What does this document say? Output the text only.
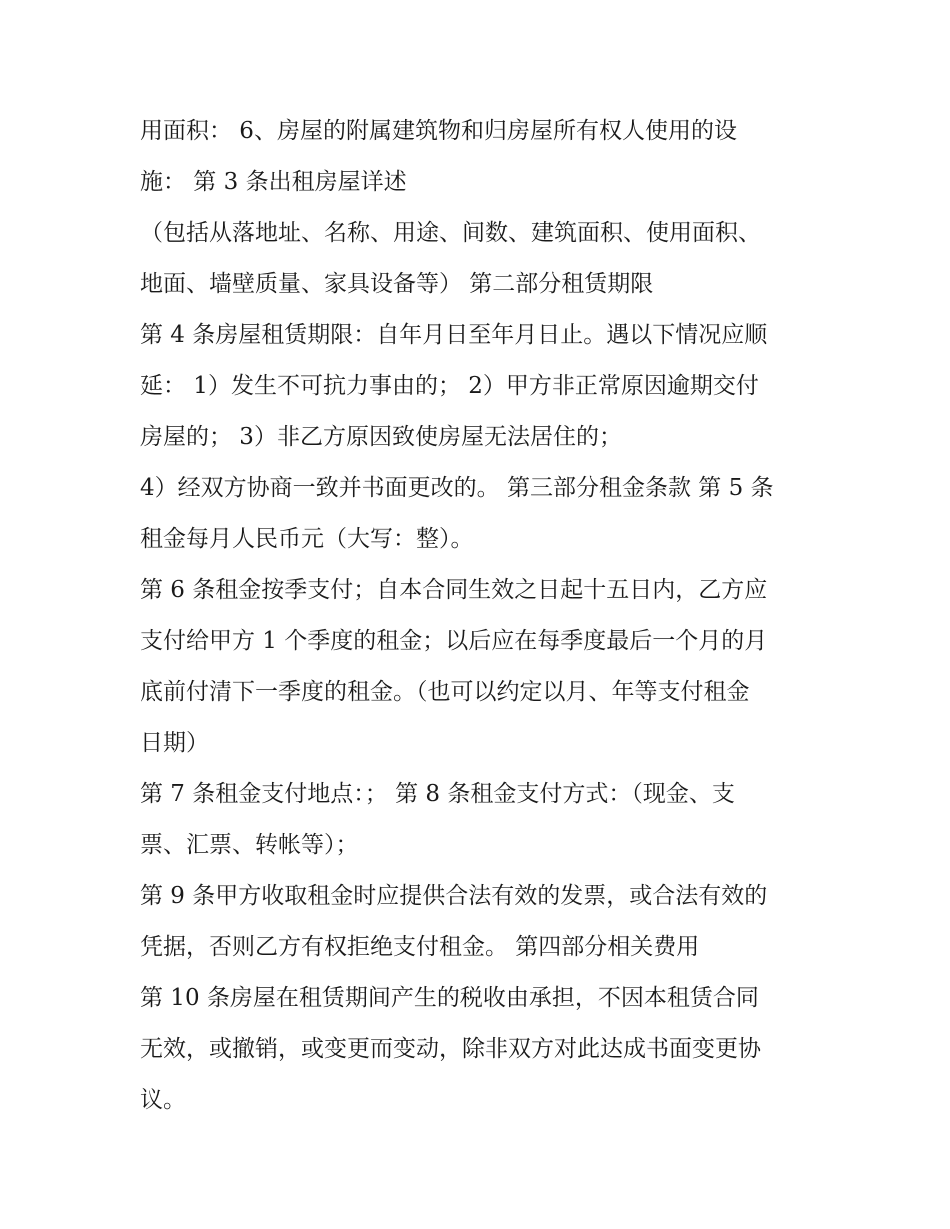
用面积： 6、房屋的附属建筑物和归房屋所有权人使用的设
施： 第 3 条出租房屋详述
（包括从落地址、名称、用途、间数、建筑面积、使用面积、
地面、墙壁质量、家具设备等） 第二部分租赁期限
第 4 条房屋租赁期限：自年月日至年月日止。遇以下情况应顺
延： 1）发生不可抗力事由的； 2）甲方非正常原因逾期交付
房屋的； 3）非乙方原因致使房屋无法居住的；
4）经双方协商一致并书面更改的。 第三部分租金条款 第 5 条
租金每月人民币元（大写：整）。
第 6 条租金按季支付；自本合同生效之日起十五日内，乙方应
支付给甲方 1 个季度的租金；以后应在每季度最后一个月的月
底前付清下一季度的租金。（也可以约定以月、年等支付租金
日期）
第 7 条租金支付地点：； 第 8 条租金支付方式：（现金、支
票、汇票、转帐等）；
第 9 条甲方收取租金时应提供合法有效的发票，或合法有效的
凭据，否则乙方有权拒绝支付租金。 第四部分相关费用
第 10 条房屋在租赁期间产生的税收由承担，不因本租赁合同
无效，或撤销，或变更而变动，除非双方对此达成书面变更协
议。
